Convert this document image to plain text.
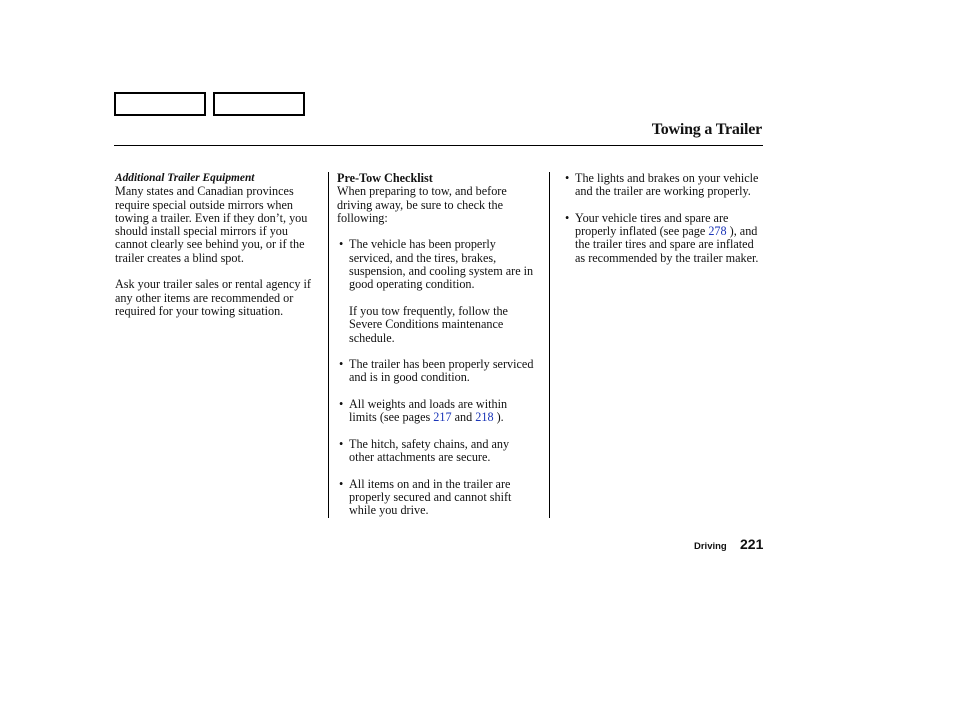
Towing a Trailer
Additional Trailer Equipment

Many states and Canadian provinces require special outside mirrors when towing a trailer. Even if they don’t, you should install special mirrors if you cannot clearly see behind you, or if the trailer creates a blind spot.

Ask your trailer sales or rental agency if any other items are recommended or required for your towing situation.

Pre-Tow Checklist

When preparing to tow, and before driving away, be sure to check the following:

• The vehicle has been properly serviced, and the tires, brakes, suspension, and cooling system are in good operating condition.

If you tow frequently, follow the Severe Conditions maintenance schedule.

• The trailer has been properly serviced and is in good condition.
• All weights and loads are within limits (see pages 217 and 218 ).
• The hitch, safety chains, and any other attachments are secure.
• All items on and in the trailer are properly secured and cannot shift while you drive.
• The lights and brakes on your vehicle and the trailer are working properly.
• Your vehicle tires and spare are properly inflated (see page 278 ), and the trailer tires and spare are inflated as recommended by the trailer maker.
Driving 221
